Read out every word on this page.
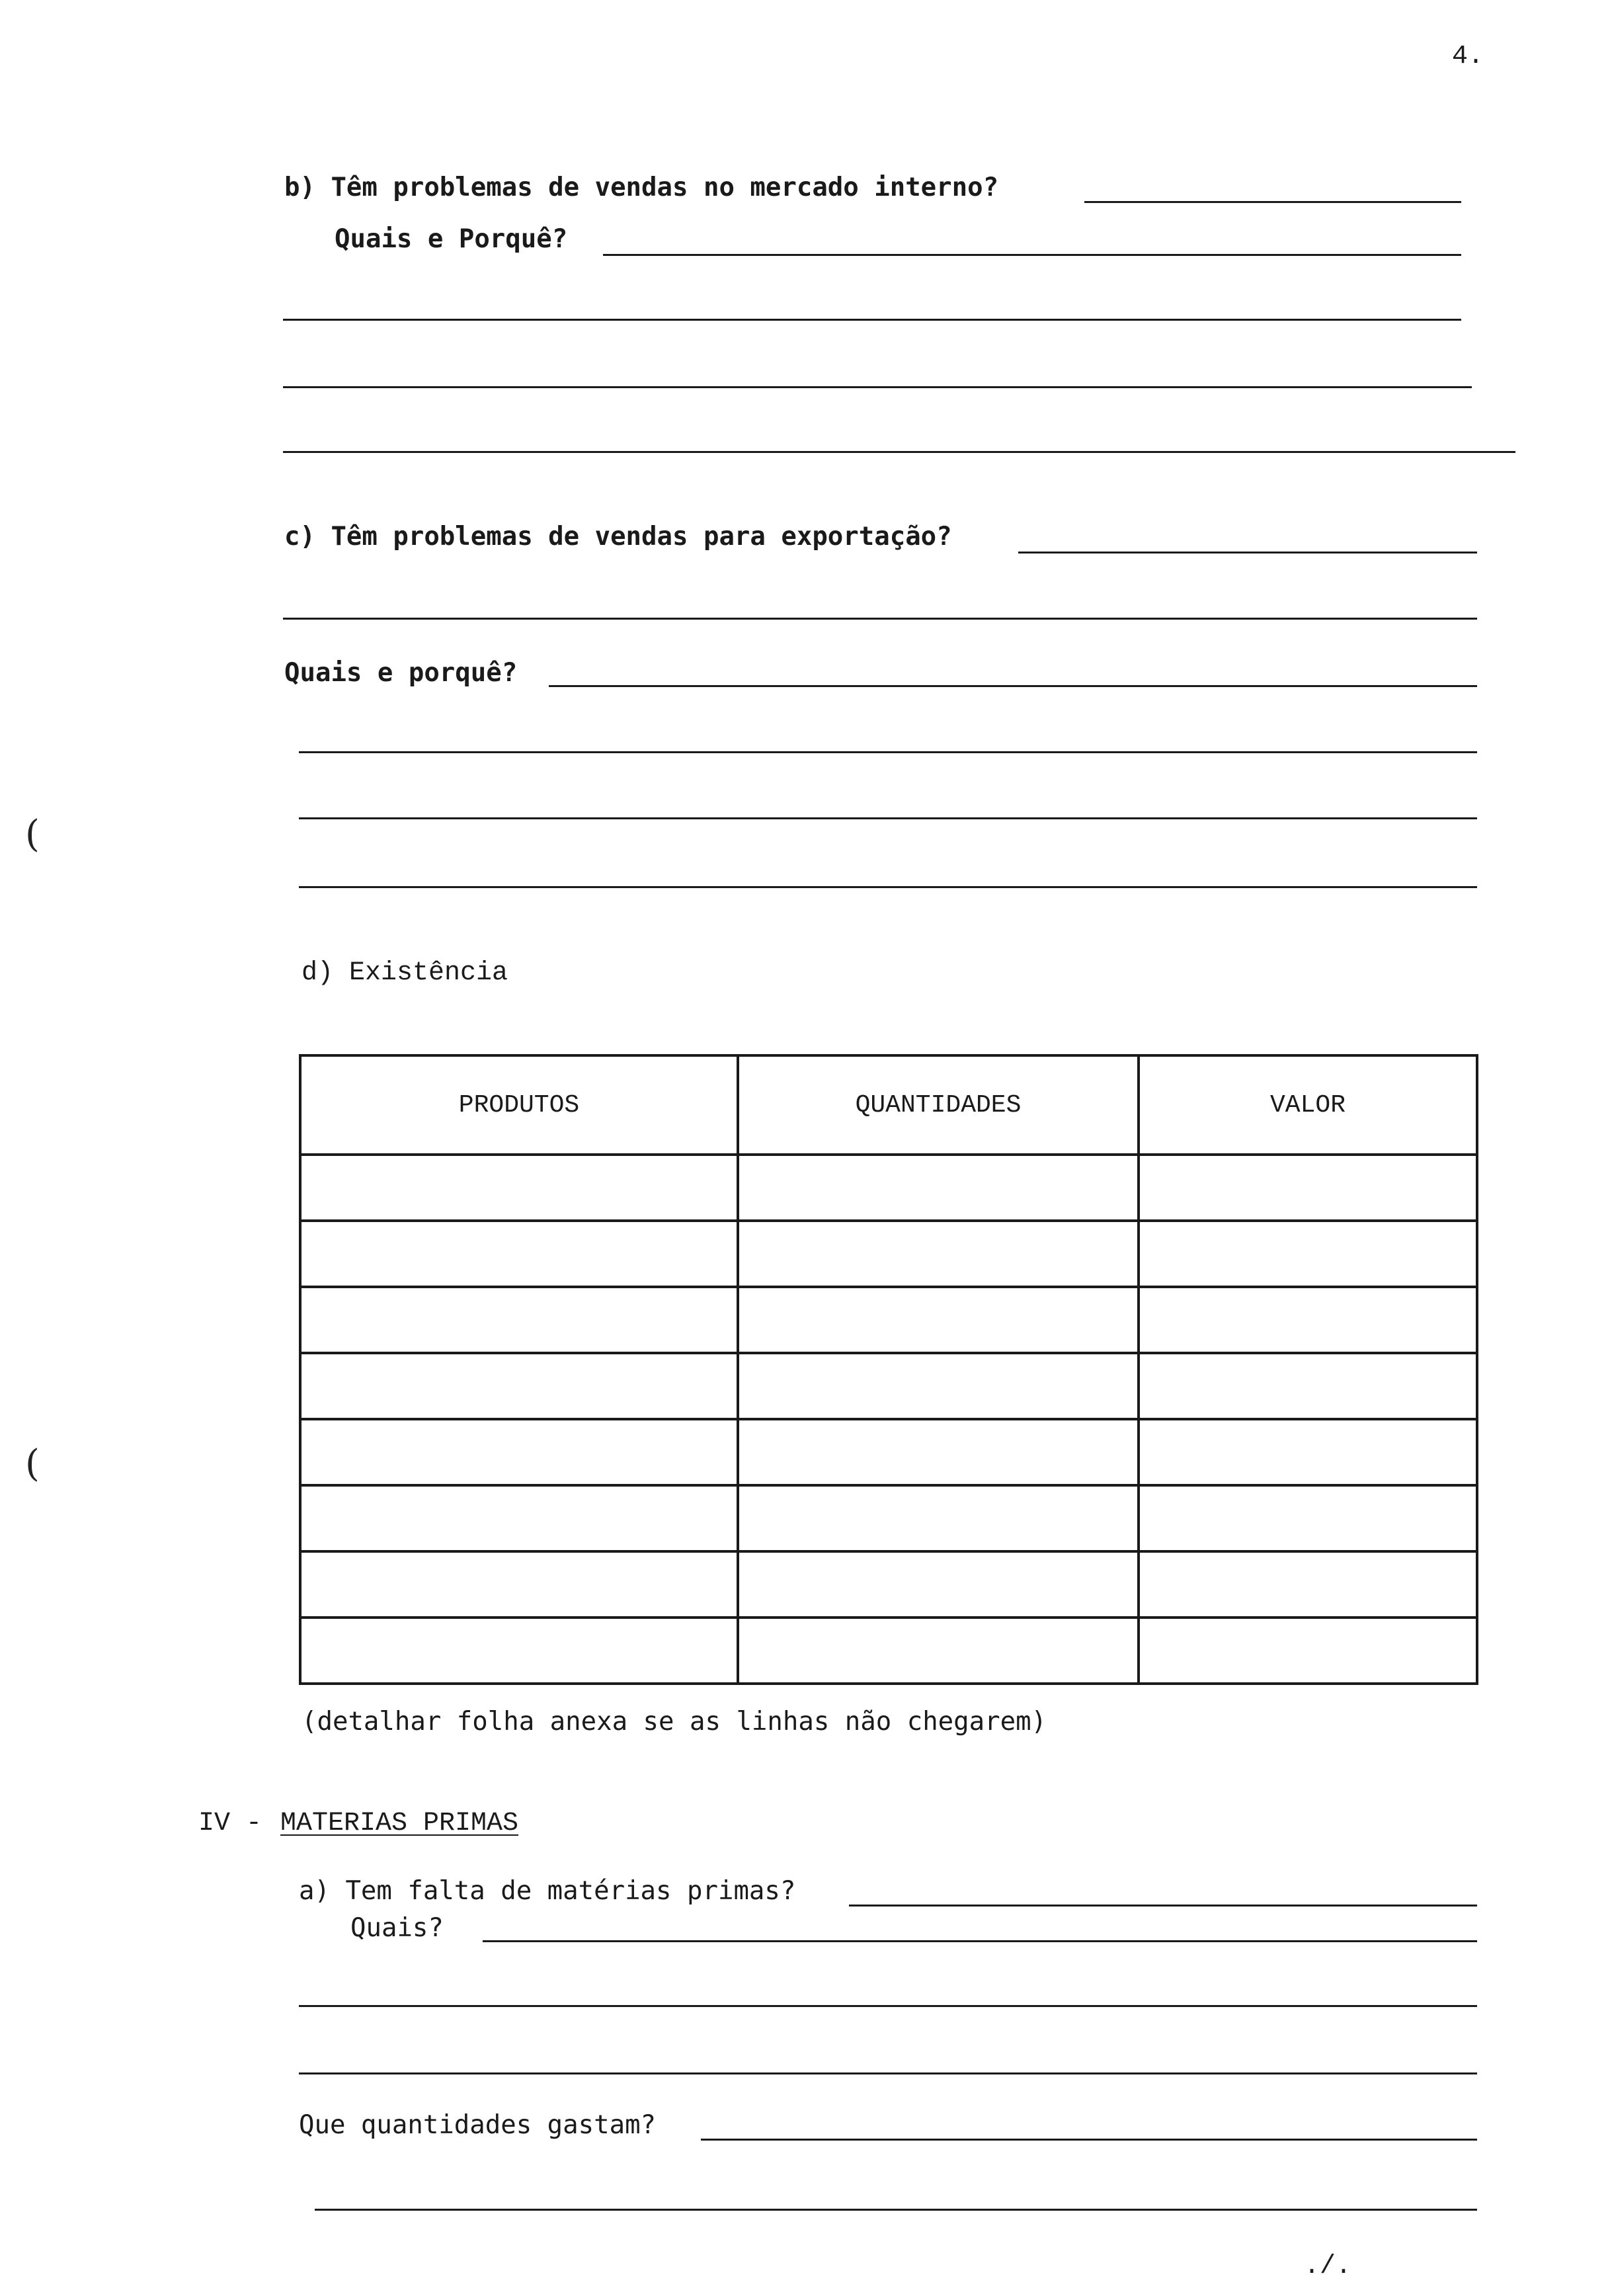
4.
b) Têm problemas de vendas no mercado interno?
Quais e Porquê?
c) Têm problemas de vendas para exportação?
Quais e porquê?
(
(
d) Existência
PRODUTOS	QUANTIDADES	VALOR

(detalhar folha anexa se as linhas não chegarem)
IV - MATERIAS PRIMAS
a) Tem falta de matérias primas?
Quais?
Que quantidades gastam?
./.
